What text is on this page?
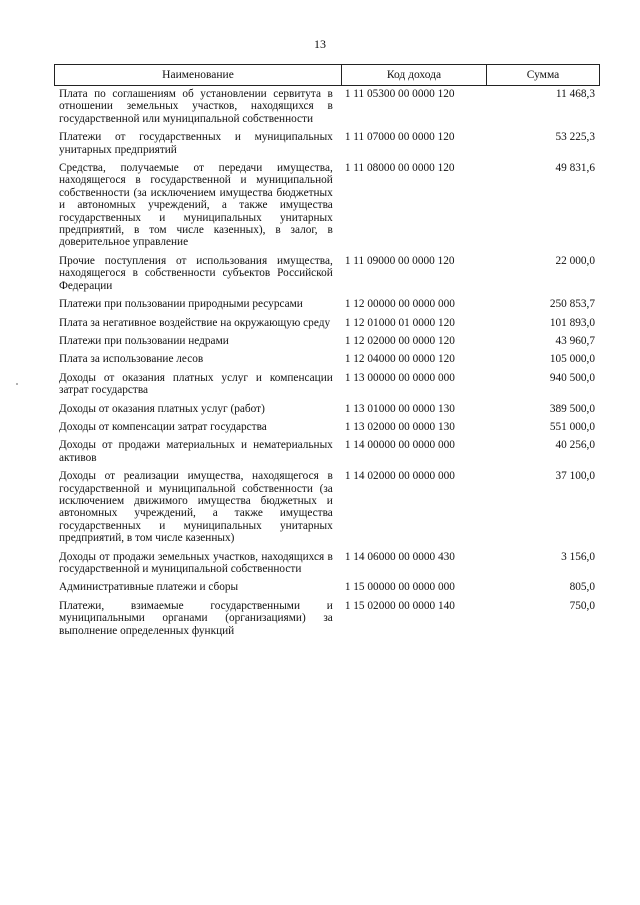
13
Наименование	Код дохода	Сумма
Плата по соглашениям об установлении сервитута в отношении земельных участков, находящихся в государственной или муниципальной собственности
1 11 05300 00 0000 120	11 468,3
Платежи от государственных и муниципальных унитарных предприятий
1 11 07000 00 0000 120	53 225,3
Средства, получаемые от передачи имущества, находящегося в государственной и муниципальной собственности (за исключением имущества бюджетных и автономных учреждений, а также имущества государственных и муниципальных унитарных предприятий, в том числе казенных), в залог, в доверительное управление
1 11 08000 00 0000 120	49 831,6
Прочие поступления от использования имущества, находящегося в собственности субъектов Российской Федерации
1 11 09000 00 0000 120	22 000,0
Платежи при пользовании природными ресурсами	1 12 00000 00 0000 000	250 853,7
Плата за негативное воздействие на окружающую среду	1 12 01000 01 0000 120	101 893,0
Платежи при пользовании недрами	1 12 02000 00 0000 120	43 960,7
Плата за использование лесов	1 12 04000 00 0000 120	105 000,0
Доходы от оказания платных услуг и компенсации затрат государства
1 13 00000 00 0000 000	940 500,0
Доходы от оказания платных услуг (работ)	1 13 01000 00 0000 130	389 500,0
Доходы от компенсации затрат государства	1 13 02000 00 0000 130	551 000,0
Доходы от продажи материальных и нематериальных активов
1 14 00000 00 0000 000	40 256,0
Доходы от реализации имущества, находящегося в государственной и муниципальной собственности (за исключением движимого имущества бюджетных и автономных учреждений, а также имущества государственных и муниципальных унитарных предприятий, в том числе казенных)
1 14 02000 00 0000 000	37 100,0
Доходы от продажи земельных участков, находящихся в государственной и муниципальной собственности
1 14 06000 00 0000 430	3 156,0
Административные платежи и сборы	1 15 00000 00 0000 000	805,0
Платежи, взимаемые государственными и муниципальными органами (организациями) за выполнение определенных функций
1 15 02000 00 0000 140	750,0
